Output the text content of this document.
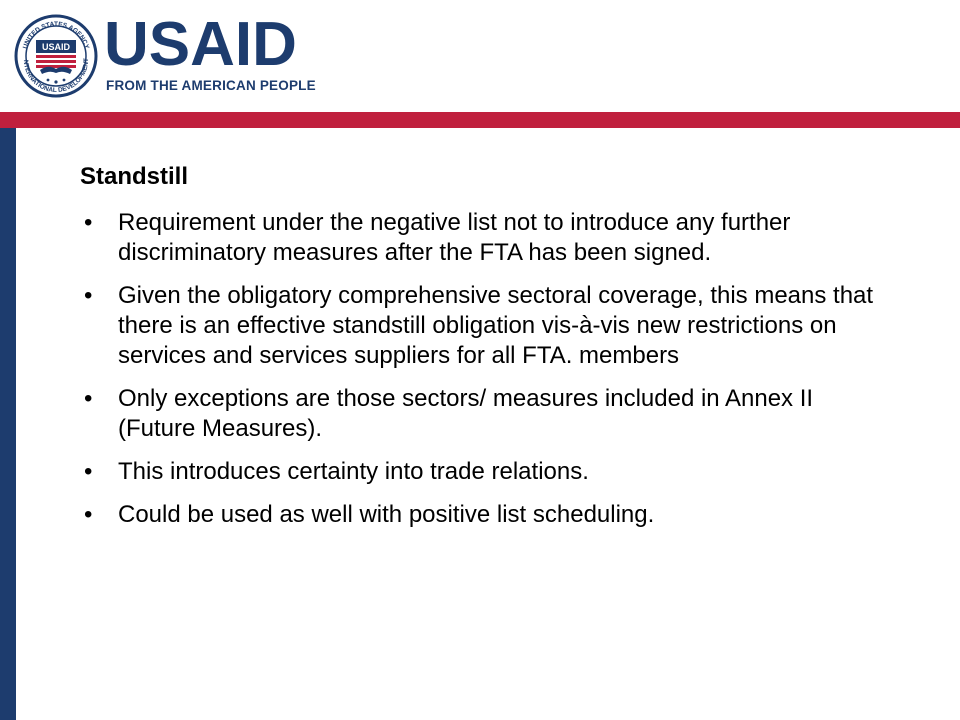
UNITED STATES AGENCY
NTERNATIONAL DEVELOPMENT
USAID USAID
FROM THE AMERICAN PEOPLE
Standstill
• Requirement under the negative list not to introduce any further discriminatory measures after the FTA has been signed.
• Given the obligatory comprehensive sectoral coverage, this means that there is an effective standstill obligation vis-à-vis new restrictions on services and services suppliers for all FTA. members
• Only exceptions are those sectors/ measures included in Annex II (Future Measures).
• This introduces certainty into trade relations.
• Could be used as well with positive list scheduling.
